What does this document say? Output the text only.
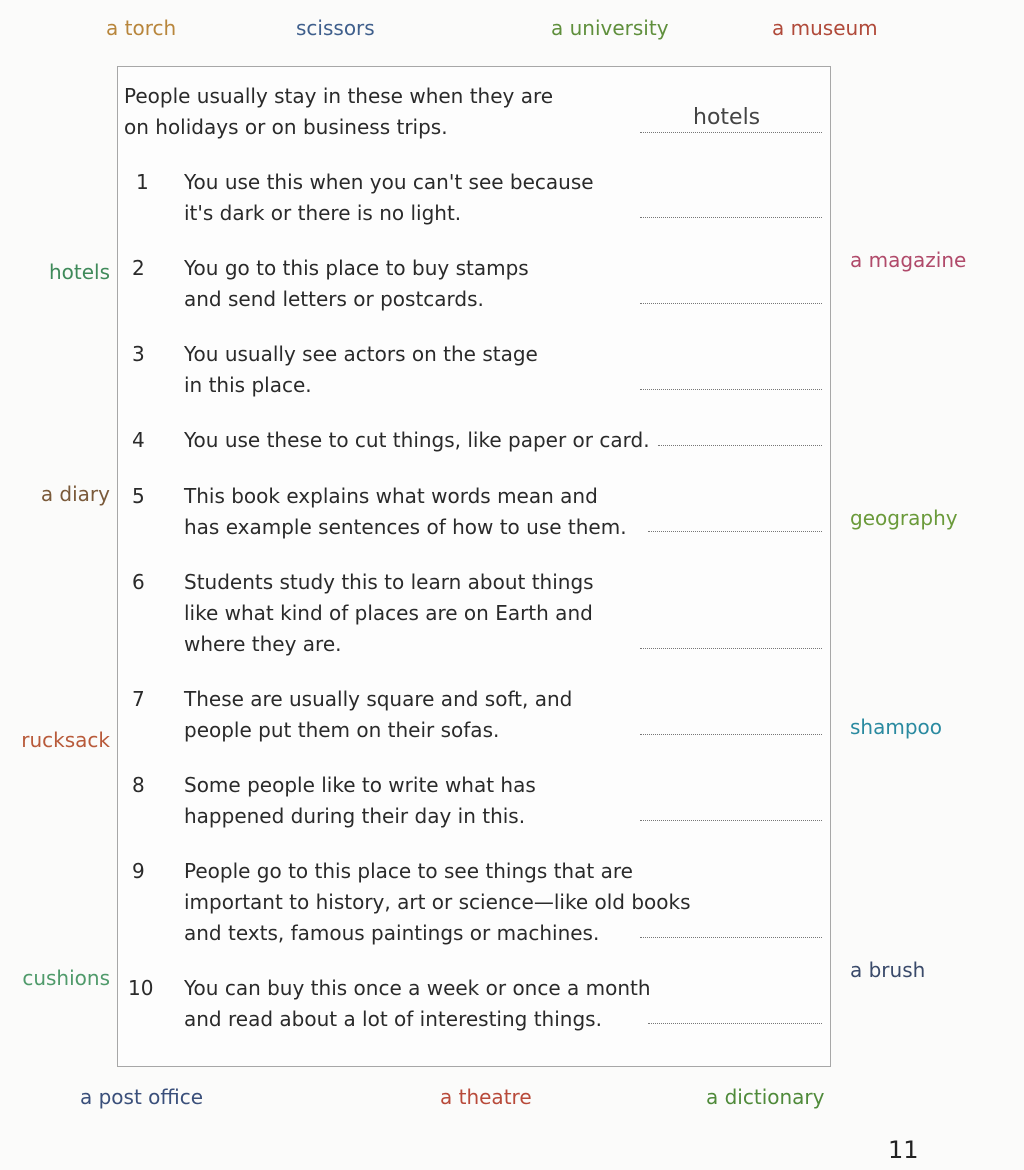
a torch	scissors	a university	a museum
hotels
a diary
rucksack
cushions
a magazine
geography
shampoo
a brush
a post office	a theatre	a dictionary
People usually stay in these when they are
on holidays or on business trips.	hotels
1 You use this when you can't see because
it's dark or there is no light.
2 You go to this place to buy stamps
and send letters or postcards.
3 You usually see actors on the stage
in this place.
4 You use these to cut things, like paper or card.
5 This book explains what words mean and
has example sentences of how to use them.
6 Students study this to learn about things
like what kind of places are on Earth and
where they are.
7 These are usually square and soft, and
people put them on their sofas.
8 Some people like to write what has
happened during their day in this.
9 People go to this place to see things that are
important to history, art or science—like old books
and texts, famous paintings or machines.
10 You can buy this once a week or once a month
and read about a lot of interesting things.
11
